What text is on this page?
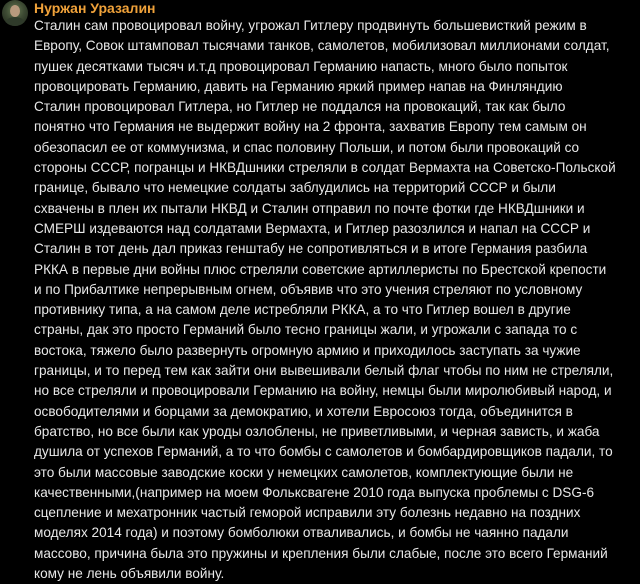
Нуржан Уразалин
Сталин сам провоцировал войну, угрожал Гитлеру продвинуть большевисткий режим в
Европу, Совок штамповал тысячами танков, самолетов, мобилизовал миллионами солдат,
пушек десятками тысяч и.т.д провоцировал Германию напасть, много было попыток
провоцировать Германию, давить на Германию яркий пример напав на Финляндию
Сталин провоцировал Гитлера, но Гитлер не поддался на провокаций, так как было
понятно что Германия не выдержит войну на 2 фронта, захватив Европу тем самым он
обезопасил ее от коммунизма, и спас половину Польши, и потом были провокаций со
стороны СССР, погранцы и НКВДшники стреляли в солдат Вермахта на Советско-Польской
границе, бывало что немецкие солдаты заблудились на территорий СССР и были
схвачены в плен их пытали НКВД и Сталин отправил по почте фотки где НКВДшники и
СМЕРШ издеваются над солдатами Вермахта, и Гитлер разозлился и напал на СССР и
Сталин в тот день дал приказ генштабу не сопротивляться и в итоге Германия разбила
РККА в первые дни войны плюс стреляли советские артиллеристы по Брестской крепости
и по Прибалтике непрерывным огнем, объявив что это учения стреляют по условному
противнику типа, а на самом деле истребляли РККА, а то что Гитлер вошел в другие
страны, дак это просто Германий было тесно границы жали, и угрожали с запада то с
востока, тяжело было развернуть огромную армию и приходилось заступать за чужие
границы, и то перед тем как зайти они вывешивали белый флаг чтобы по ним не стреляли,
но все стреляли и провоцировали Германию на войну, немцы были миролюбивый народ, и
освободителями и борцами за демократию, и хотели Евросоюз тогда, объединится в
братство, но все были как уроды озлоблены, не приветливыми, и черная зависть, и жаба
душила от успехов Германий, а то что бомбы с самолетов и бомбардировщиков падали, то
это были массовые заводские коски у немецких самолетов, комплектующие были не
качественными,(например на моем Фольксвагене 2010 года выпуска проблемы с DSG-6
сцепление и мехатронник частый геморой исправили эту болезнь недавно на поздних
моделях 2014 года) и поэтому бомболюки отваливались, и бомбы не чаянно падали
массово, причина была это пружины и крепления были слабые, после это всего Германий
кому не лень объявили войну.
